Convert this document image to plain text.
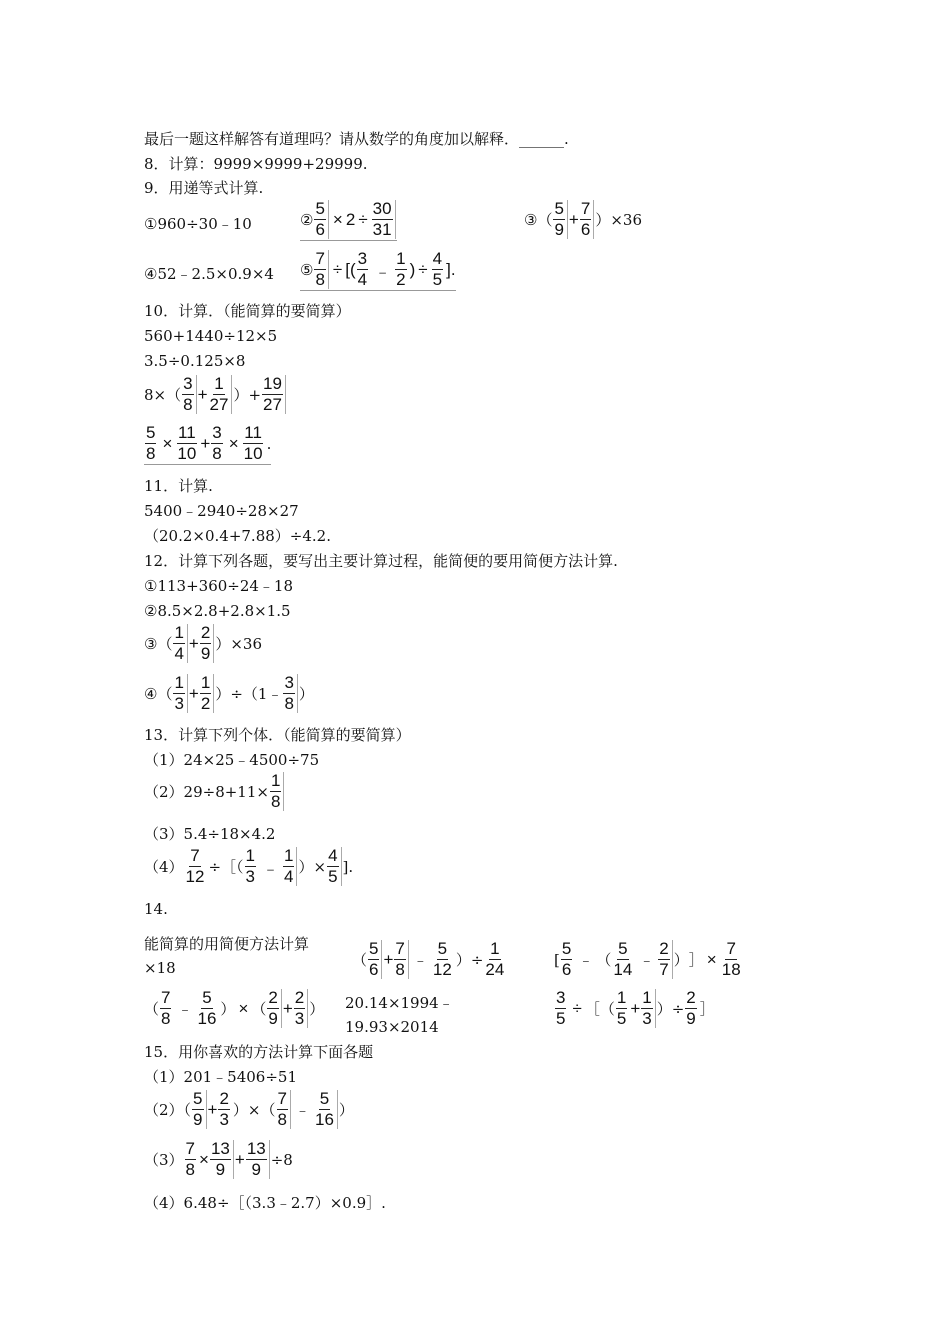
最后一题这样解答有道理吗？请从数学的角度加以解释．______.
8．计算：9999×9999+29999.
9．用递等式计算.
①960÷30﹣10	② $\frac{5}{6} \times 2 \div \frac{30}{31}$	③（ $\frac{5}{9} + \frac{7}{6} )\times 36$
④52﹣2.5×0.9×4 ⑤ $\frac{7}{8}$ ÷ [ ( $\frac{3}{4}$ ﹣ $\frac{1}{2}$ ) ÷ $\frac{4}{5}$ ].
10．计算．（能简算的要简算）
560+1440÷12×5
3.5÷0.125×8
$8\times( \frac{3}{8} + \frac{1}{27}$ ）+ $\frac{19}{27}$
$\frac{5}{8} \times \frac{11}{10} + \frac{3}{8} \times \frac{11}{10}$ .
11．计算.
5400﹣2940÷28×27
（20.2×0.4+7.88）÷4.2.
12．计算下列各题，要写出主要计算过程，能简便的要用简便方法计算.
①113+360÷24﹣18
②8.5×2.8+2.8×1.5
③（ $\frac{1}{4} + \frac{2}{9} )\times 36$
④（ $\frac{1}{3} + \frac{1}{2}$ ）÷（1﹣ $\frac{3}{8}$ ）
13．计算下列个体．（能简算的要简算）
（1）24×25﹣4500÷75
$(2)29\div 8+11\times \frac{1}{8}$
（3）5.4÷18×4.2
$(4) \frac{7}{12}$ ÷［（ $\frac{1}{3}$ ﹣ $\frac{1}{4}$ ）× $\frac{4}{5}$ ].
14.
能简算的用简便方法计算
×18	（ $\frac{5}{6} + \frac{7}{8}$ ﹣ $\frac{5}{12}$ ）÷ $\frac{1}{24}$	[ $\frac{5}{6}$ ﹣ （ $\frac{5}{14}$ ﹣ $\frac{2}{7}$ ） ］ × $\frac{7}{18}$
（ $\frac{7}{8}$ ﹣ $\frac{5}{16}$ ） × （ $\frac{2}{9} + \frac{2}{3}$ ） 20.14×1994﹣
19.93×2014	$\frac{3}{5}$ ÷ ［ （ $\frac{1}{5} + \frac{1}{3}$ ）÷ $\frac{2}{9}$ ］
15．用你喜欢的方法计算下面各题
（1）201﹣5406÷51
$(2)( \frac{5}{9} + \frac{2}{3}$ ）×（ $\frac{7}{8}$ ﹣ $\frac{5}{16}$ ）
$(3) \frac{7}{8} \times \frac{13}{9} + \frac{13}{9} \div 8$
（4）6.48÷［（3.3﹣2.7）×0.9］.
